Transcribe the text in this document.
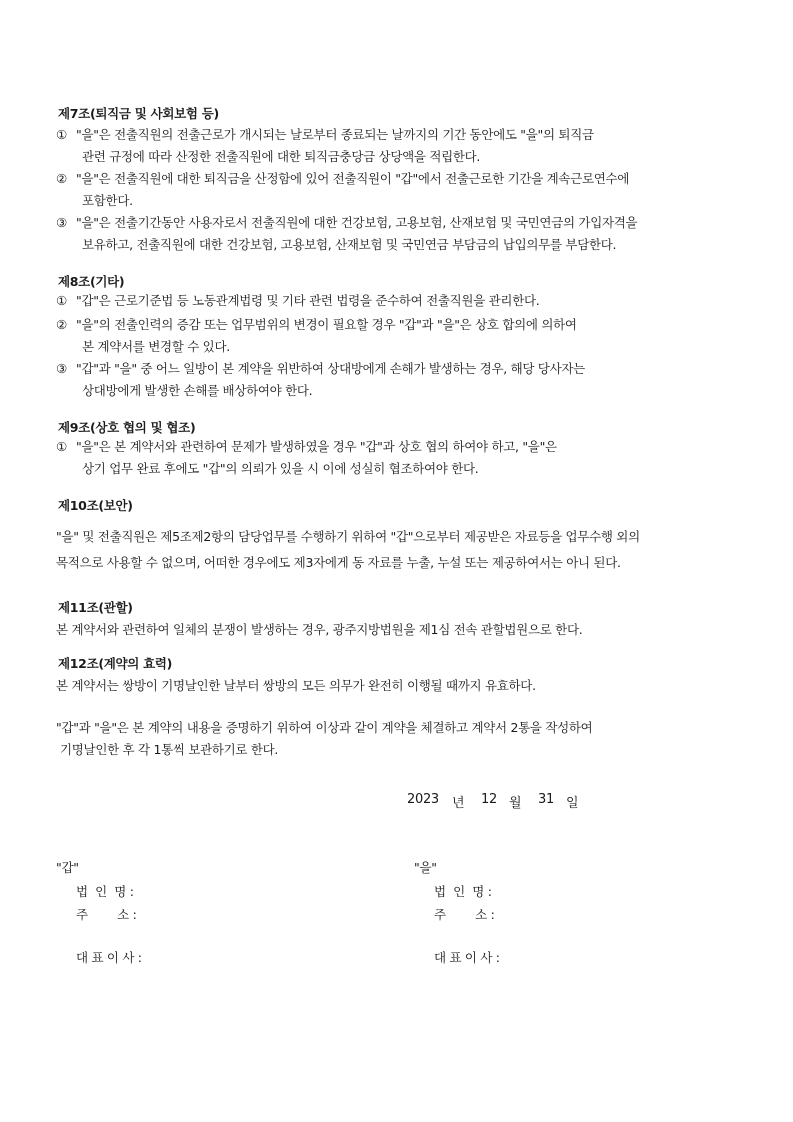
제7조(퇴직금 및 사회보험 등)
① "을"은 전출직원의 전출근로가 개시되는 날로부터 종료되는 날까지의 기간 동안에도 "을"의 퇴직금
관련 규정에 따라 산정한 전출직원에 대한 퇴직금충당금 상당액을 적립한다.
② "을"은 전출직원에 대한 퇴직금을 산정함에 있어 전출직원이 "갑"에서 전출근로한 기간을 계속근로연수에
포함한다.
③ "을"은 전출기간동안 사용자로서 전출직원에 대한 건강보험, 고용보험, 산재보험 및 국민연금의 가입자격을
보유하고, 전출직원에 대한 건강보험, 고용보험, 산재보험 및 국민연금 부담금의 납입의무를 부담한다.
제8조(기타)
① "갑"은 근로기준법 등 노동관계법령 및 기타 관련 법령을 준수하여 전출직원을 관리한다.
② "을"의 전출인력의 증감 또는 업무범위의 변경이 필요할 경우 "갑"과 "을"은 상호 합의에 의하여
본 계약서를 변경할 수 있다.
③ "갑"과 "을" 중 어느 일방이 본 계약을 위반하여 상대방에게 손해가 발생하는 경우, 해당 당사자는
상대방에게 발생한 손해를 배상하여야 한다.
제9조(상호 협의 및 협조)
① "을"은 본 계약서와 관련하여 문제가 발생하였을 경우 "갑"과 상호 협의 하여야 하고, "을"은
상기 업무 완료 후에도 "갑"의 의뢰가 있을 시 이에 성실히 협조하여야 한다.
제10조(보안)
"을" 및 전출직원은 제5조제2항의 담당업무를 수행하기 위하여 "갑"으로부터 제공받은 자료등을 업무수행 외의
목적으로 사용할 수 없으며, 어떠한 경우에도 제3자에게 동 자료를 누출, 누설 또는 제공하여서는 아니 된다.
제11조(관할)
본 계약서와 관련하여 일체의 분쟁이 발생하는 경우, 광주지방법원을 제1심 전속 관할법원으로 한다.
제12조(계약의 효력)
본 계약서는 쌍방이 기명날인한 날부터 쌍방의 모든 의무가 완전히 이행될 때까지 유효하다.
"갑"과 "을"은 본 계약의 내용을 증명하기 위하여 이상과 같이 계약을 체결하고 계약서 2통을 작성하여
기명날인한 후 각 1통씩 보관하기로 한다.
2023 년 12 월 31 일
"갑"
법  인  명 :
주        소 :
대 표 이 사 :
"을"
법  인  명 :
주        소 :
대 표 이 사 :
